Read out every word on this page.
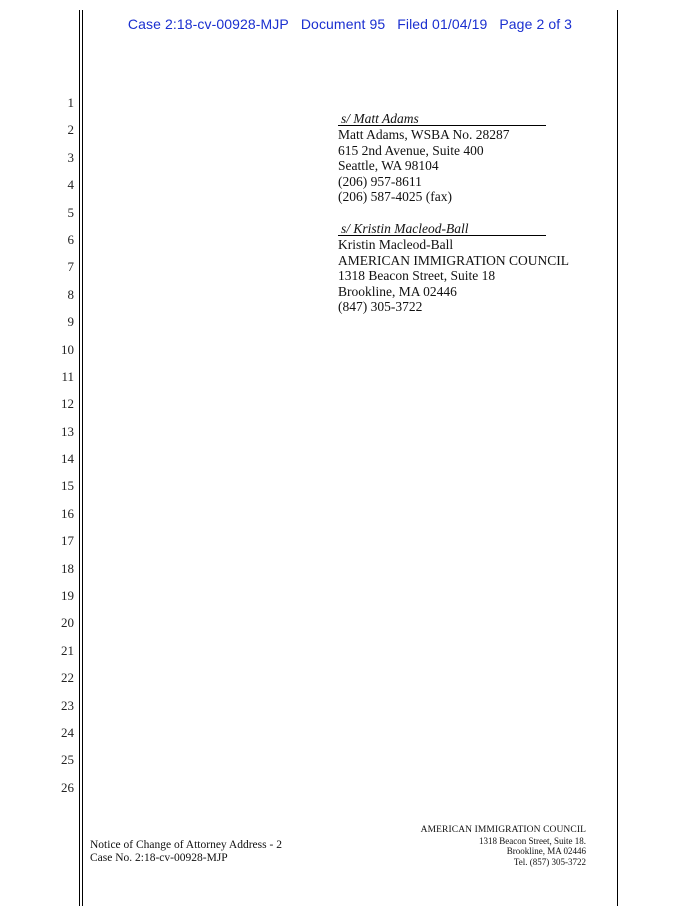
Case 2:18-cv-00928-MJP Document 95 Filed 01/04/19 Page 2 of 3
1
2
3
4
5
6
7
8
9
10
11
12
13
14
15
16
17
18
19
20
21
22
23
24
25
26
s/ Matt Adams
Matt Adams, WSBA No. 28287
615 2nd Avenue, Suite 400
Seattle, WA 98104
(206) 957-8611
(206) 587-4025 (fax)
s/ Kristin Macleod-Ball
Kristin Macleod-Ball
AMERICAN IMMIGRATION COUNCIL
1318 Beacon Street, Suite 18
Brookline, MA 02446
(847) 305-3722
Notice of Change of Attorney Address - 2
Case No. 2:18-cv-00928-MJP
AMERICAN IMMIGRATION COUNCIL
1318 Beacon Street, Suite 18.
Brookline, MA 02446
Tel. (857) 305-3722
